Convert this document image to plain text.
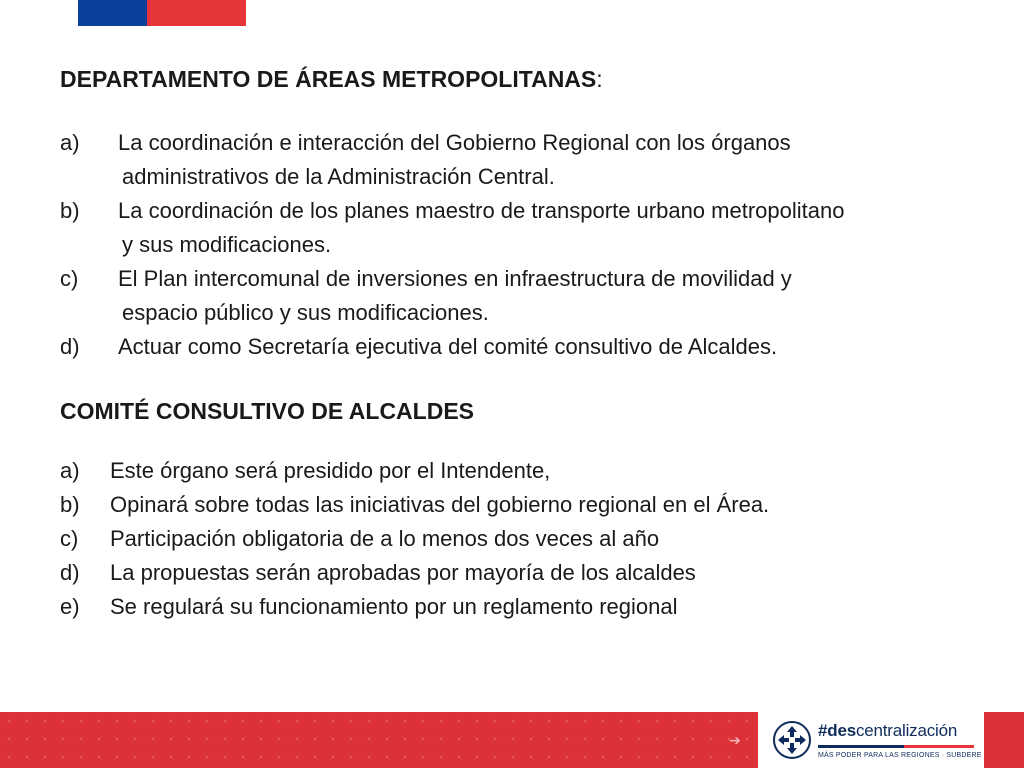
DEPARTAMENTO DE ÁREAS METROPOLITANAS:
a)	La coordinación e interacción del Gobierno Regional con los órganos
administrativos de la Administración Central.
b)	La coordinación de los planes maestro de transporte urbano metropolitano
y sus modificaciones.
c)	El Plan intercomunal de inversiones en infraestructura de movilidad y
espacio público y sus modificaciones.
d)	Actuar como Secretaría ejecutiva del comité consultivo de Alcaldes.
COMITÉ CONSULTIVO DE ALCALDES
a)	Este órgano será presidido por el Intendente,
b)	Opinará sobre todas las iniciativas del gobierno regional en el Área.
c)	Participación obligatoria de a lo menos dos veces al año
d)	La propuestas serán aprobadas por mayoría de los alcaldes
e)	Se regulará su funcionamiento por un reglamento regional
➔	#descentralización
MÁS PODER PARA LAS REGIONES · SUBDERE
